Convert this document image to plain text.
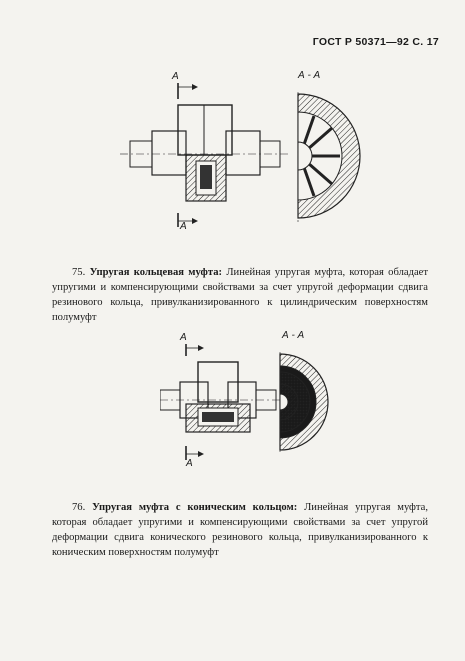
ГОСТ Р 50371—92 С. 17
А
А
А - А
75. Упругая кольцевая муфта: Линейная упругая муфта, которая обладает упругими и компенсирующими свойствами за счет упругой деформации сдвига резинового кольца, привулканизированного к цилиндрическим поверхностям полумуфт
А
А
А - А
76. Упругая муфта с коническим кольцом: Линейная упругая муфта, которая обладает упругими и компенсирующими свойствами за счет упругой деформации сдвига конического резинового кольца, привулканизированного к коническим поверхностям полумуфт
